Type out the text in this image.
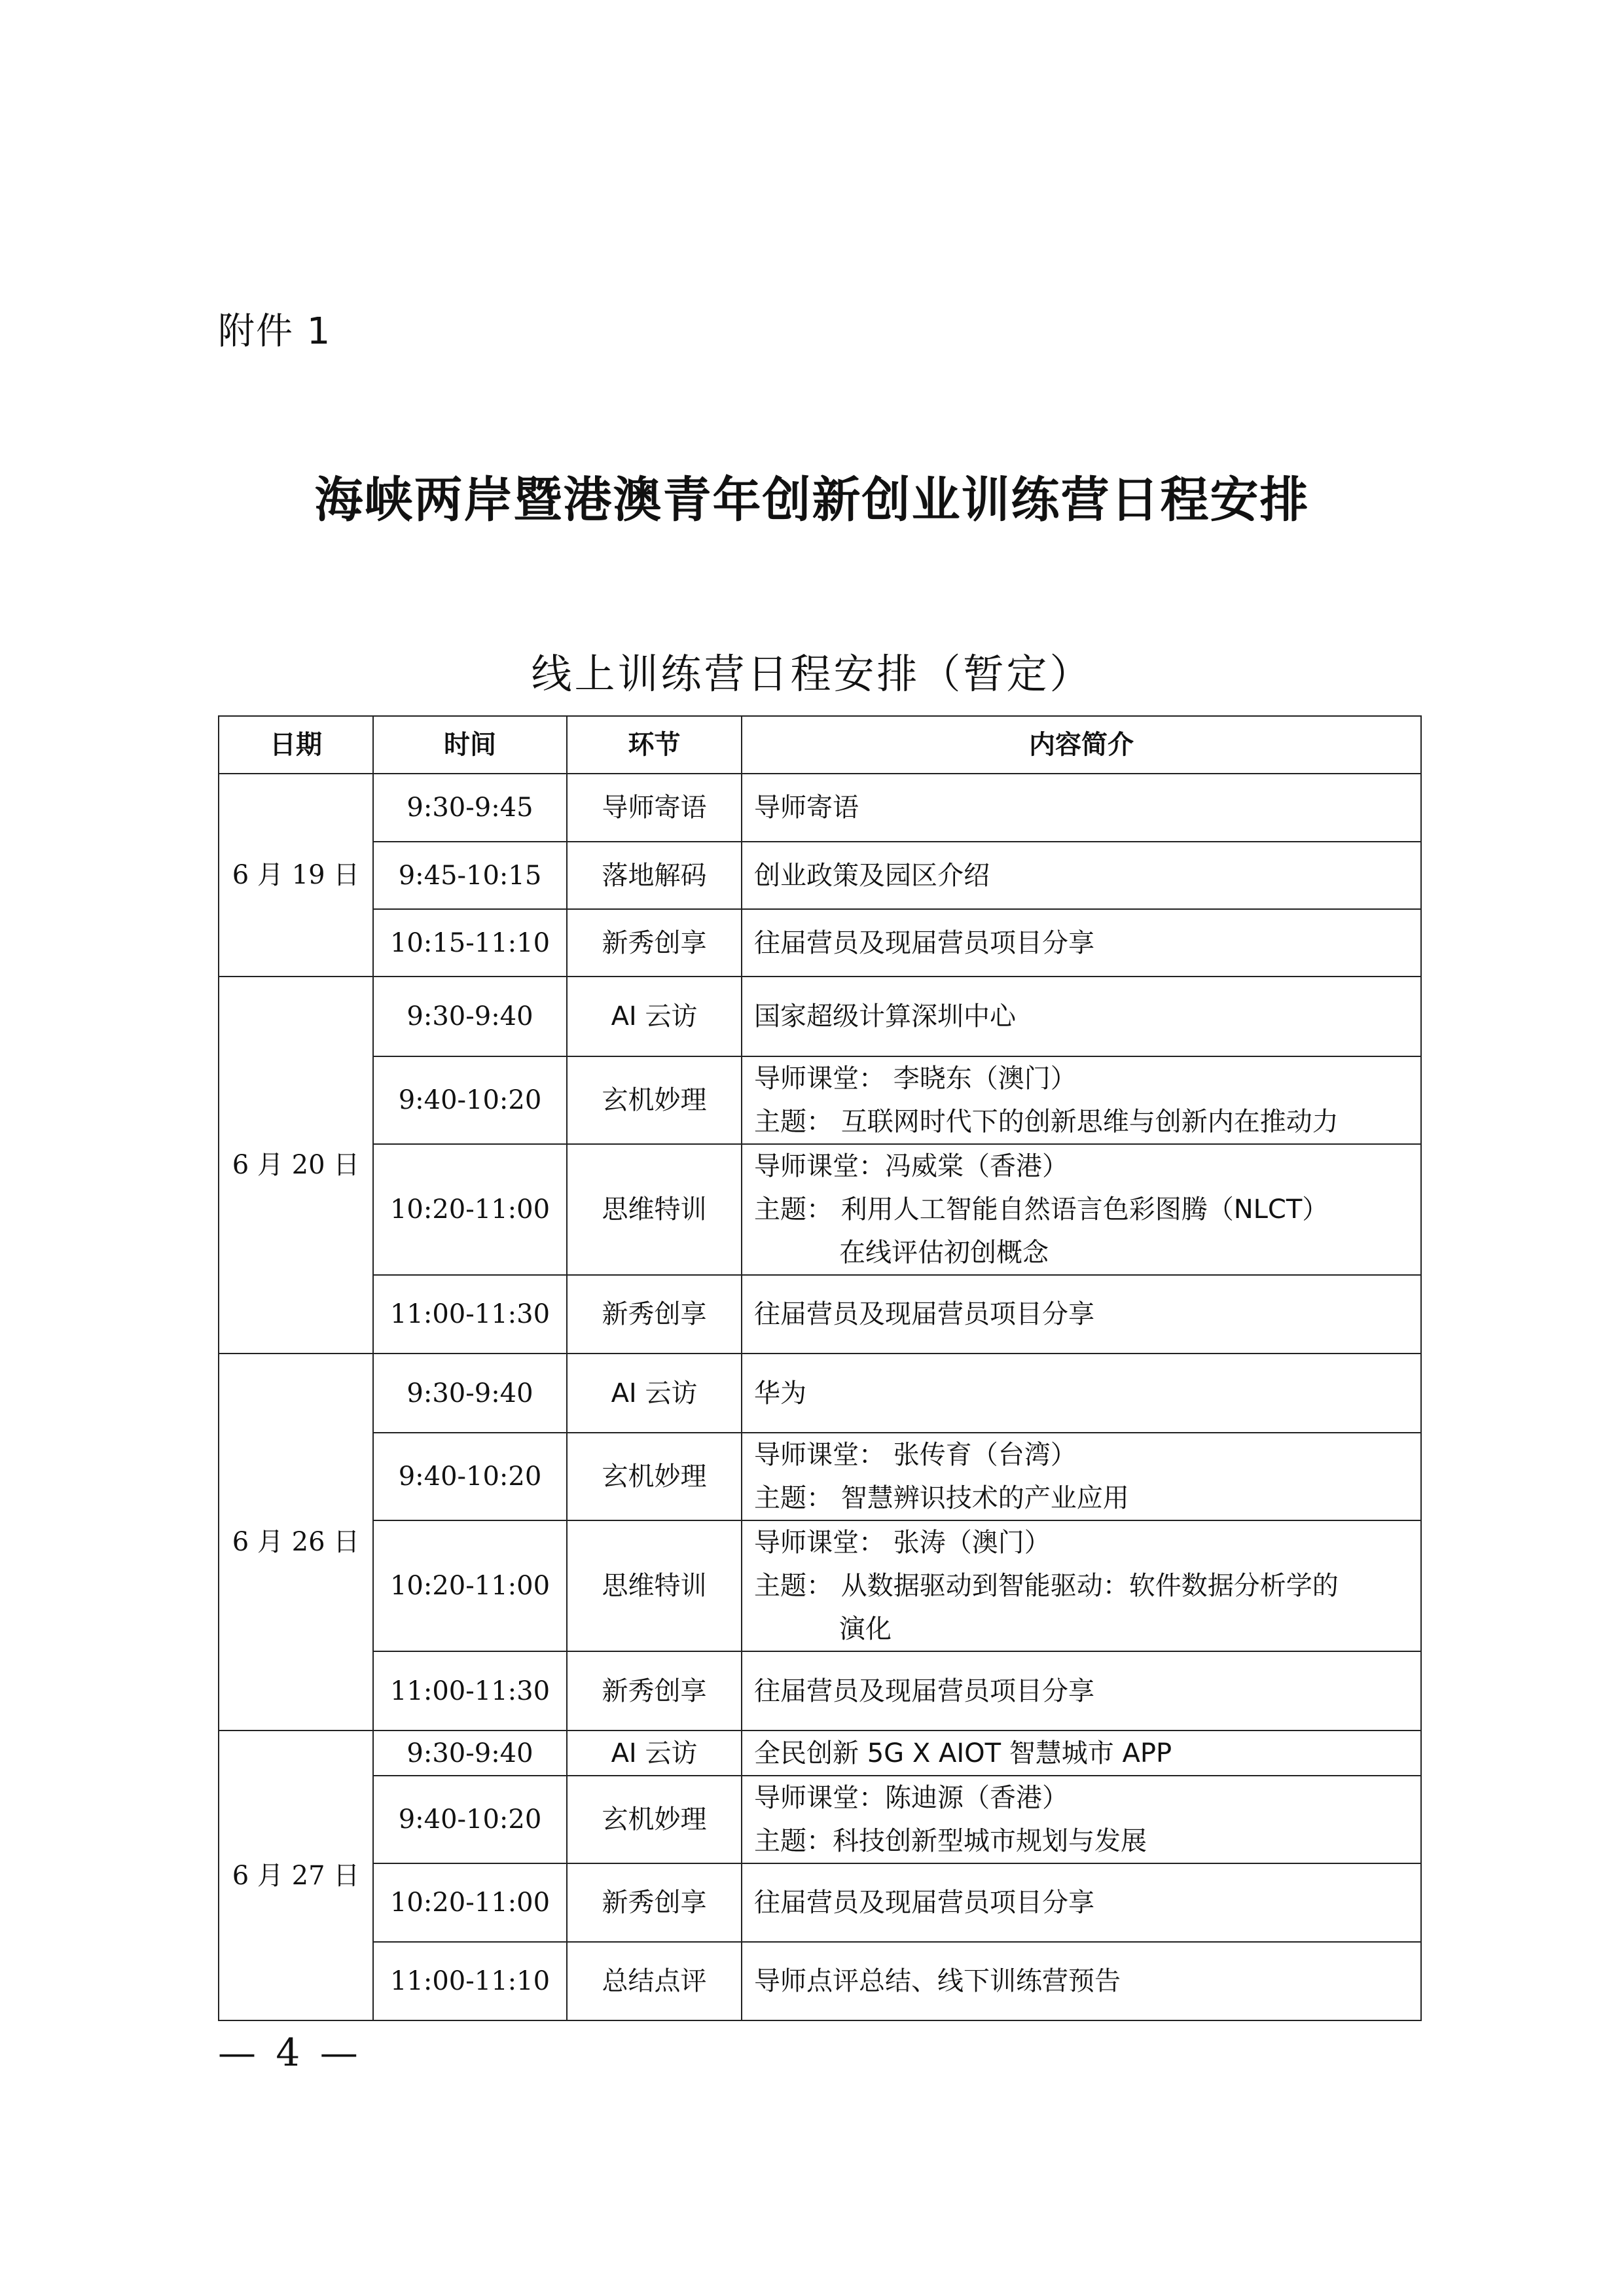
附件 1
海峡两岸暨港澳青年创新创业训练营日程安排
线上训练营日程安排（暂定）
日期	时间	环节	内容简介
6 月 19 日	9:30-9:45	导师寄语	导师寄语

	9:45-10:15	落地解码	创业政策及园区介绍

	10:15-11:10	新秀创享	往届营员及现届营员项目分享

6 月 20 日	9:30-9:40	AI 云访	国家超级计算深圳中心

	9:40-10:20	玄机妙理	导师课堂： 李晓东（澳门）
主题： 互联网时代下的创新思维与创新内在推动力

	10:20-11:00	思维特训	导师课堂：冯威棠（香港）
主题： 利用人工智能自然语言色彩图腾（NLCT）
在线评估初创概念

	11:00-11:30	新秀创享	往届营员及现届营员项目分享

6 月 26 日	9:30-9:40	AI 云访	华为

	9:40-10:20	玄机妙理	导师课堂： 张传育（台湾）
主题： 智慧辨识技术的产业应用

	10:20-11:00	思维特训	导师课堂： 张涛（澳门）
主题： 从数据驱动到智能驱动：软件数据分析学的
演化

	11:00-11:30	新秀创享	往届营员及现届营员项目分享

6 月 27 日	9:30-9:40	AI 云访	全民创新 5G X AIOT 智慧城市 APP

	9:40-10:20	玄机妙理	导师课堂：陈迪源（香港）
主题：科技创新型城市规划与发展

	10:20-11:00	新秀创享	往届营员及现届营员项目分享

	11:00-11:10	总结点评	导师点评总结、线下训练营预告
— 4 —
